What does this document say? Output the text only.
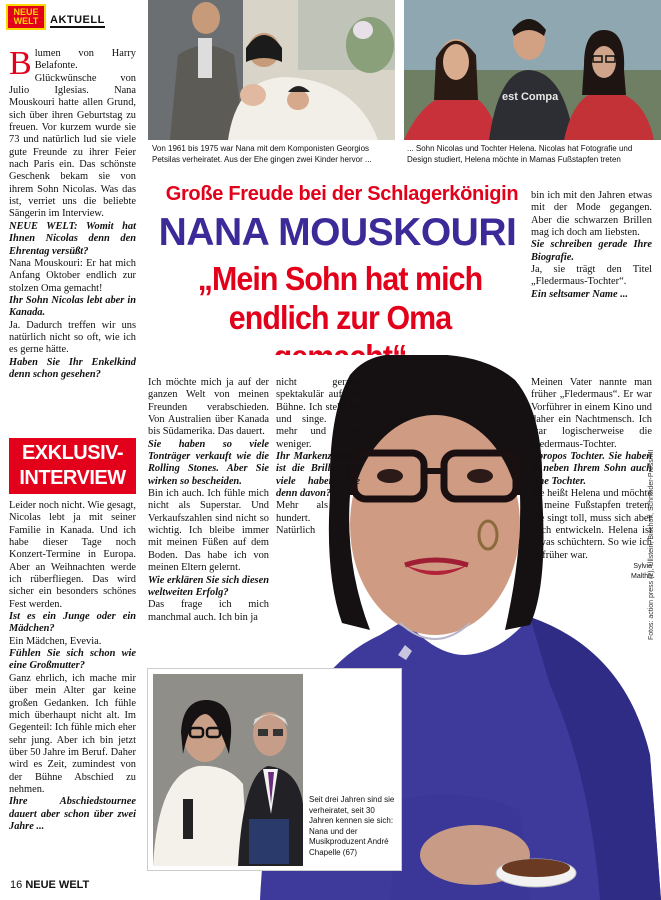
NEUE
WELT	AKTUELL
Von 1961 bis 1975 war Nana mit dem Komponisten Georgios Petsilas verheiratet. Aus der Ehe gingen zwei Kinder hervor ...
est Compa
... Sohn Nicolas und Tochter Helena. Nicolas hat Fotografie und Design studiert, Helena möchte in Mamas Fußstapfen treten
B lumen von Harry Belafonte. Glückwünsche von Julio Iglesias. Nana Mouskouri hatte allen Grund, sich über ihren Geburtstag zu freuen. Vor kurzem wurde sie 73 und natürlich lud sie viele gute Freunde zu ihrer Feier nach Paris ein. Das schönste Geschenk bekam sie von ihrem Sohn Nicolas. Was das ist, verriet uns die beliebte Sängerin im Interview.

NEUE WELT: Womit hat Ihnen Nicolas denn den Ehrentag versüßt?

Nana Mouskouri: Er hat mich Anfang Oktober endlich zur stolzen Oma gemacht!

Ihr Sohn Nicolas lebt aber in Kanada.

Ja. Dadurch treffen wir uns natürlich nicht so oft, wie ich es gerne hätte.

Haben Sie Ihr Enkelkind denn schon gesehen?

EXKLUSIV-
INTERVIEW

Leider noch nicht. Wie gesagt, Nicolas lebt ja mit seiner Familie in Kanada. Und ich habe dieser Tage noch Konzert-Termine in Europa. Aber an Weihnachten werde ich rüberfliegen. Das wird sicher ein besonders schönes Fest werden.

Ist es ein Junge oder ein Mädchen?

Ein Mädchen, Evevia.

Fühlen Sie sich schon wie eine Großmutter?

Ganz ehrlich, ich mache mir über mein Alter gar keine großen Gedanken. Ich fühle mich überhaupt nicht alt. Im Gegenteil: Ich fühle mich eher sehr jung. Aber ich bin jetzt über 50 Jahre im Beruf. Daher wird es Zeit, zumindest von der Bühne Abschied zu nehmen.

Ihre Abschiedstournee dauert aber schon über zwei Jahre ...

Große Freude bei der Schlagerkönigin
NANA MOUSKOURI
„Mein Sohn hat mich
endlich zur Oma

Ich möchte mich ja auf der ganzen Welt von meinen Freunden verabschieden. Von Australien über Kanada bis Südamerika. Das dauert.

Sie haben so viele Tonträger verkauft wie die Rolling Stones. Aber Sie wirken so bescheiden.

Bin ich auch. Ich fühle mich nicht als Superstar. Und Verkaufszahlen sind nicht so wichtig. Ich bleibe immer mit meinen Füßen auf dem Boden. Das habe ich von meinen Eltern gelernt.

Wie erklären Sie sich diesen weltweiten Erfolg?

Das frage ich mich manchmal auch. Ich bin ja

nicht gerade spektakulär auf der Bühne. Ich stehe da und singe. Nicht mehr und nicht weniger.

Ihr Markenzeichen ist die Brille. Wie viele haben Sie denn davon?

Mehr als hundert. Natürlich

bin ich mit den Jahren etwas mit der Mode gegangen. Aber die schwarzen Brillen mag ich doch am liebsten.

Sie schreiben gerade Ihre Biografie.

Ja, sie trägt den Titel „Fledermaus-Tochter“.

Ein seltsamer Name ...

Meinen Vater nannte man früher „Fledermaus“. Er war Vorführer in einem Kino und daher ein Nachtmensch. Ich war logischerweise die Fledermaus-Tochter.

Apropos Tochter. Sie haben ja neben Ihrem Sohn auch eine Tochter.

Sie heißt Helena und möchte in meine Fußstapfen treten. Sie singt toll, muss sich aber noch entwickeln. Helena ist etwas schüchtern. So wie ich es früher war.

Sylvia
Maltha
Seit drei Jahren sind sie verheiratet, seit 30 Jahren kennen sie sich: Nana und der Musikproduzent André Chapelle (67)
16 NEUE WELT
Fotos: action press (2), Ullstein, Bischoff, Schneider-Press/MI
